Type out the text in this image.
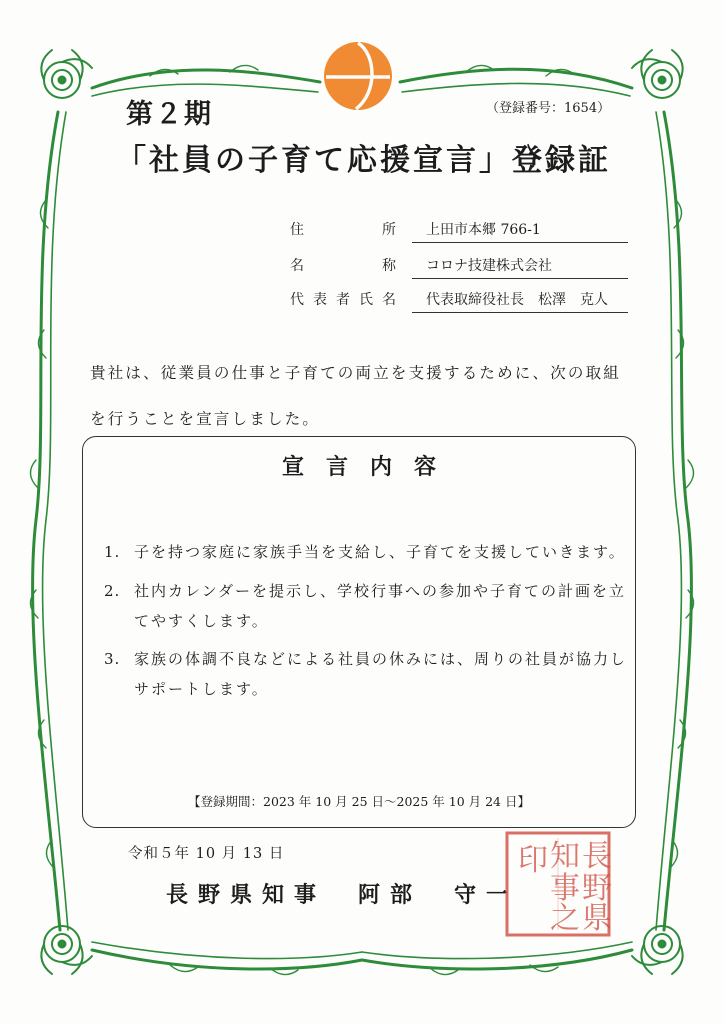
第２期	（登録番号：1654）
「社員の子育て応援宣言」登録証
住所	上田市本郷 766-1
名称	コロナ技建株式会社
代表者氏名	代表取締役社長　松澤　克人
貴社は、従業員の仕事と子育ての両立を支援するために、次の取組を行うことを宣言しました。
宣言内容
1. 子を持つ家庭に家族手当を支給し、子育てを支援していきます。
2. 社内カレンダーを提示し、学校行事への参加や子育ての計画を立てやすくします。
3. 家族の体調不良などによる社員の休みには、周りの社員が協力しサポートします。
【登録期間：2023 年 10 月 25 日～2025 年 10 月 24 日】
令和５年 10 月 13 日
長野県知事　阿部　守一
長野県知事之印
